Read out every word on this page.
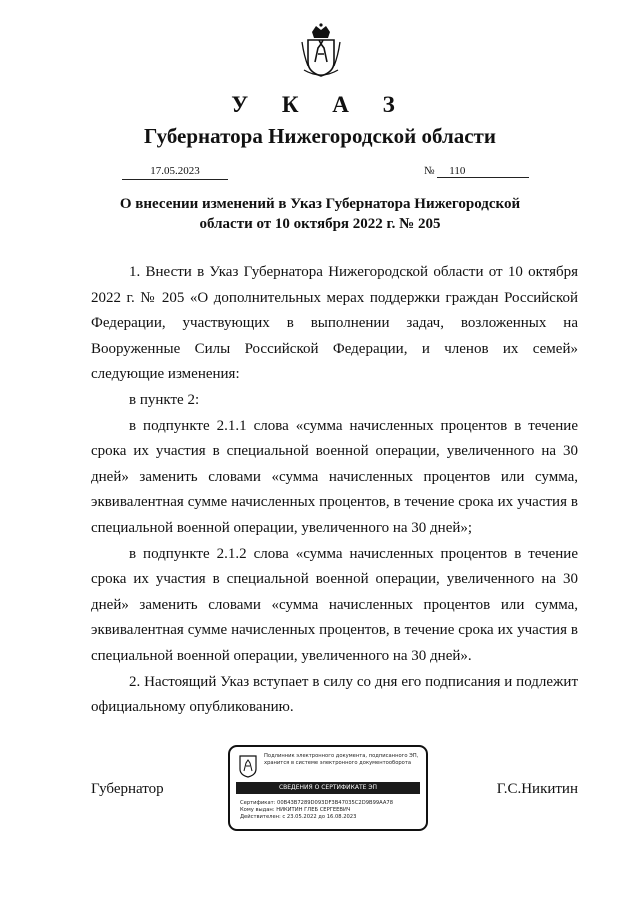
У К А З
Губернатора Нижегородской области
17.05.2023	№ 110
О внесении изменений в Указ Губернатора Нижегородской
области от 10 октября 2022 г. № 205

1. Внести в Указ Губернатора Нижегородской области от 10 октября 2022 г. № 205 «О дополнительных мерах поддержки граждан Российской Федерации, участвующих в выполнении задач, возложенных на Вооруженные Силы Российской Федерации, и членов их семей» следующие изменения:

в пункте 2:

в подпункте 2.1.1 слова «сумма начисленных процентов в течение срока их участия в специальной военной операции, увеличенного на 30 дней» заменить словами «сумма начисленных процентов или сумма, эквивалентная сумме начисленных процентов, в течение срока их участия в специальной военной операции, увеличенного на 30 дней»;

в подпункте 2.1.2 слова «сумма начисленных процентов в течение срока их участия в специальной военной операции, увеличенного на 30 дней» заменить словами «сумма начисленных процентов или сумма, эквивалентная сумме начисленных процентов, в течение срока их участия в специальной военной операции, увеличенного на 30 дней».

2. Настоящий Указ вступает в силу со дня его подписания и подлежит официальному опубликованию.

Губернатор	Г.С.Никитин
Подлинник электронного документа, подписанного ЭП,
хранится в системе электронного документооборота
СВЕДЕНИЯ О СЕРТИФИКАТЕ ЭП
Сертификат: 00B43B7289D093DF3B47035C2D9B99AA78
Кому выдан: НИКИТИН ГЛЕБ СЕРГЕЕВИЧ
Действителен: с 23.05.2022 до 16.08.2023
